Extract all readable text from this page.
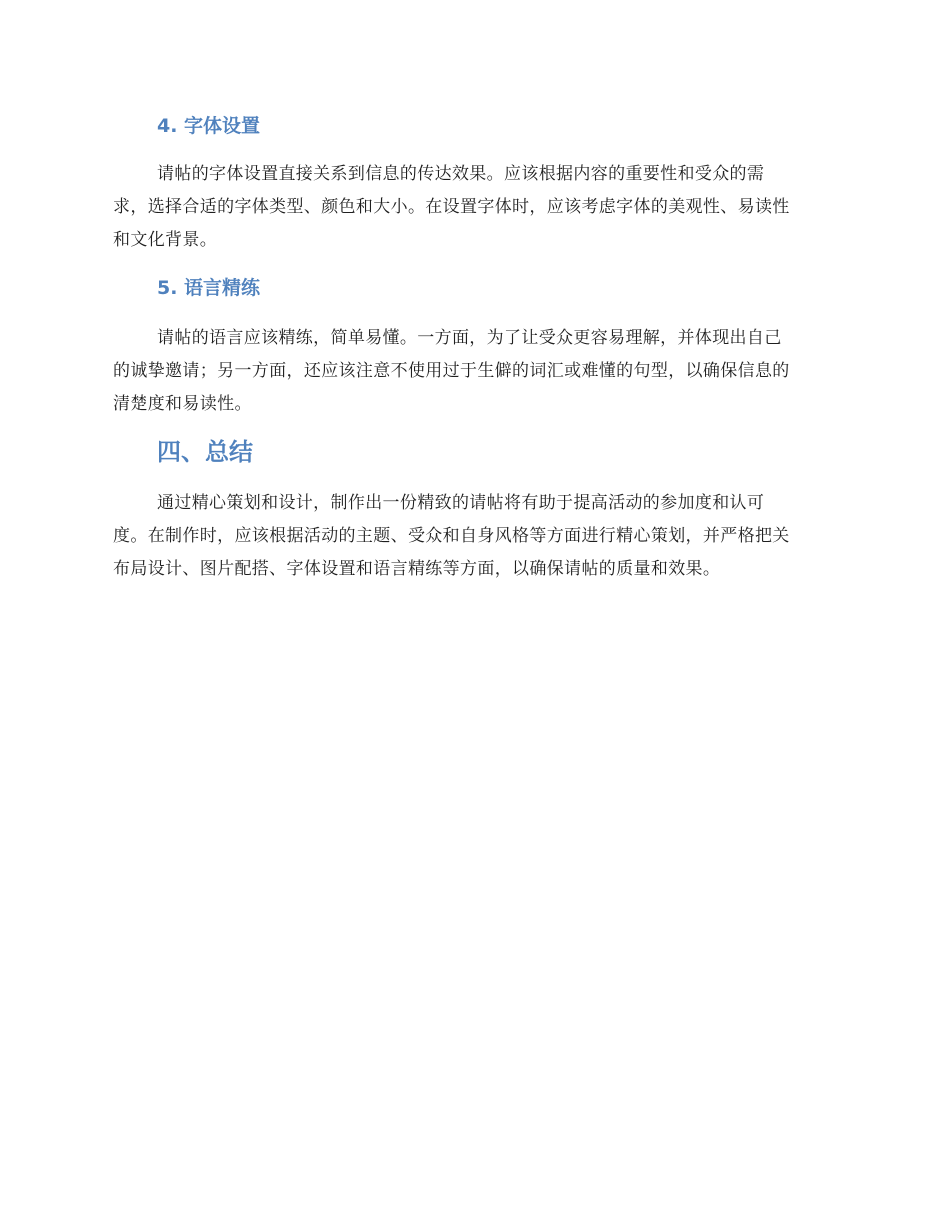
4. 字体设置
请帖的字体设置直接关系到信息的传达效果。应该根据内容的重要性和受众的需
求，选择合适的字体类型、颜色和大小。在设置字体时，应该考虑字体的美观性、易读性
和文化背景。
5. 语言精练
请帖的语言应该精练，简单易懂。一方面，为了让受众更容易理解，并体现出自己
的诚挚邀请；另一方面，还应该注意不使用过于生僻的词汇或难懂的句型，以确保信息的
清楚度和易读性。
四、总结
通过精心策划和设计，制作出一份精致的请帖将有助于提高活动的参加度和认可
度。在制作时，应该根据活动的主题、受众和自身风格等方面进行精心策划，并严格把关
布局设计、图片配搭、字体设置和语言精练等方面，以确保请帖的质量和效果。
